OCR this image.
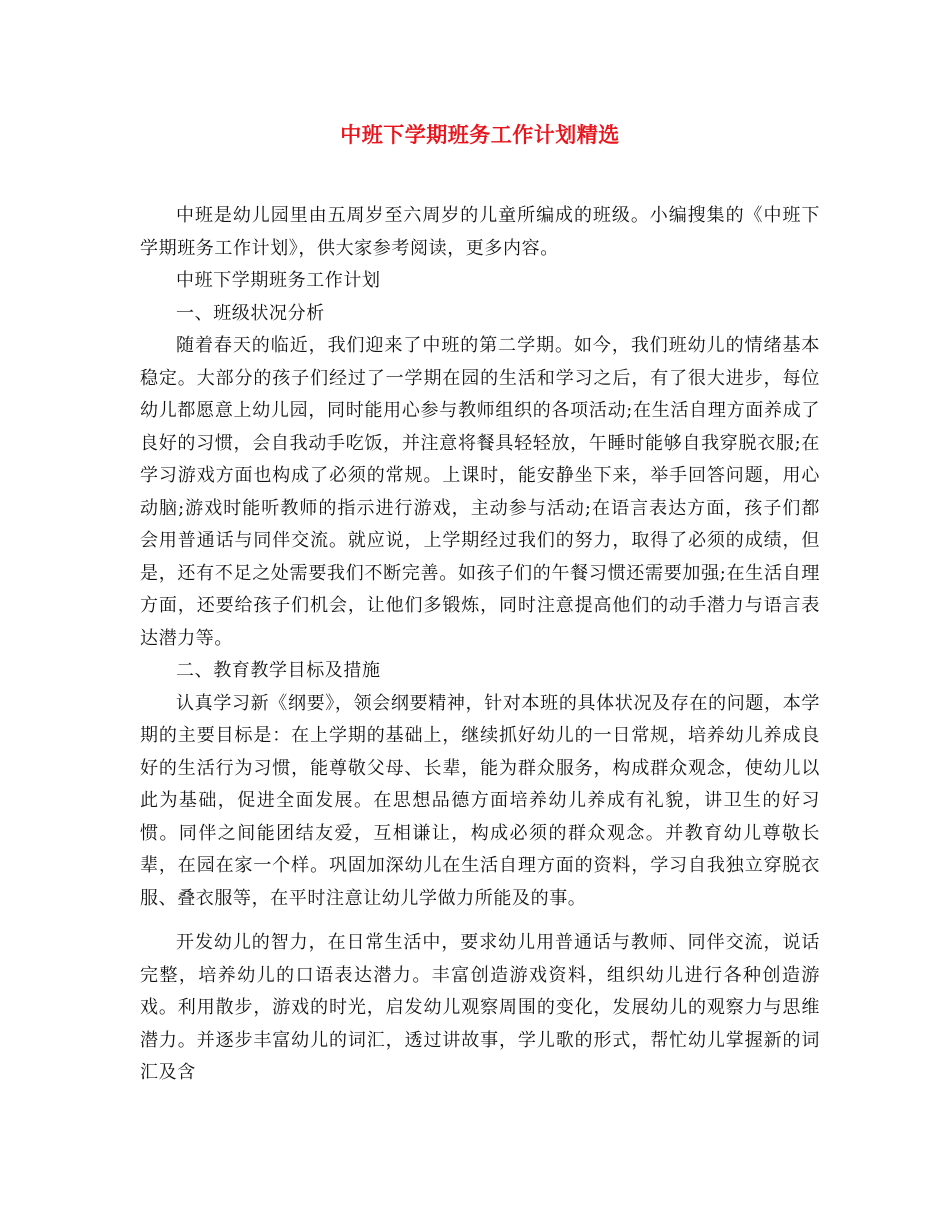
中班下学期班务工作计划精选

中班是幼儿园里由五周岁至六周岁的儿童所编成的班级。小编搜集的《中班下学期班务工作计划》，供大家参考阅读，更多内容。

中班下学期班务工作计划

一、班级状况分析

随着春天的临近，我们迎来了中班的第二学期。如今，我们班幼儿的情绪基本稳定。大部分的孩子们经过了一学期在园的生活和学习之后，有了很大进步，每位幼儿都愿意上幼儿园，同时能用心参与教师组织的各项活动;在生活自理方面养成了良好的习惯，会自我动手吃饭，并注意将餐具轻轻放，午睡时能够自我穿脱衣服;在学习游戏方面也构成了必须的常规。上课时，能安静坐下来，举手回答问题，用心动脑;游戏时能听教师的指示进行游戏，主动参与活动;在语言表达方面，孩子们都会用普通话与同伴交流。就应说，上学期经过我们的努力，取得了必须的成绩，但是，还有不足之处需要我们不断完善。如孩子们的午餐习惯还需要加强;在生活自理方面，还要给孩子们机会，让他们多锻炼，同时注意提高他们的动手潜力与语言表达潜力等。

二、教育教学目标及措施

认真学习新《纲要》，领会纲要精神，针对本班的具体状况及存在的问题，本学期的主要目标是：在上学期的基础上，继续抓好幼儿的一日常规，培养幼儿养成良好的生活行为习惯，能尊敬父母、长辈，能为群众服务，构成群众观念，使幼儿以此为基础，促进全面发展。在思想品德方面培养幼儿养成有礼貌，讲卫生的好习惯。同伴之间能团结友爱，互相谦让，构成必须的群众观念。并教育幼儿尊敬长辈，在园在家一个样。巩固加深幼儿在生活自理方面的资料，学习自我独立穿脱衣服、叠衣服等，在平时注意让幼儿学做力所能及的事。

开发幼儿的智力，在日常生活中，要求幼儿用普通话与教师、同伴交流，说话完整，培养幼儿的口语表达潜力。丰富创造游戏资料，组织幼儿进行各种创造游戏。利用散步，游戏的时光，启发幼儿观察周围的变化，发展幼儿的观察力与思维潜力。并逐步丰富幼儿的词汇，透过讲故事，学儿歌的形式，帮忙幼儿掌握新的词汇及含
